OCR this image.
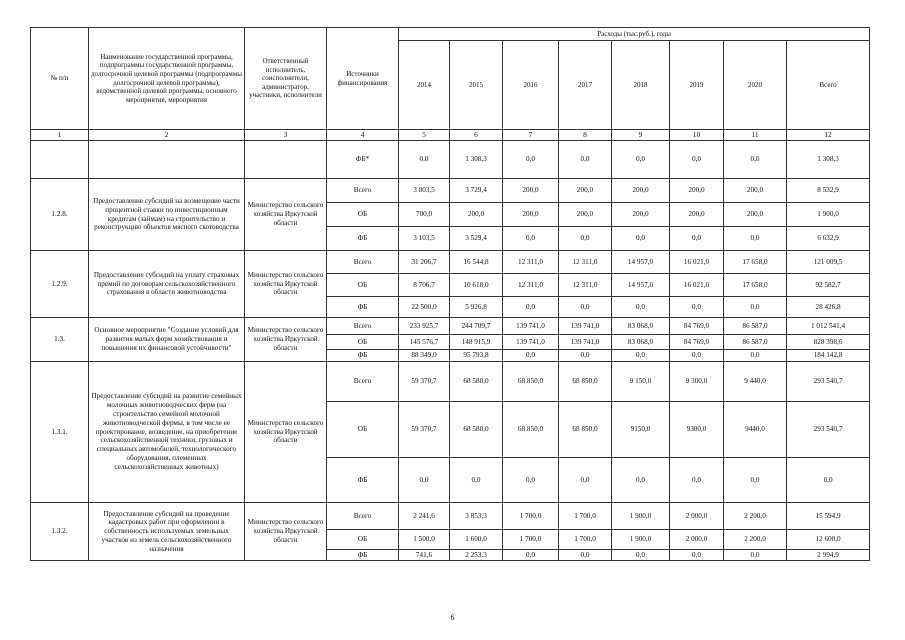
№ п/п	Наименование государственной программы, подпрограммы государственной программы, долгосрочной целевой программы (подпрограммы долгосрочной целевой программы), ведомственной целевой программы, основного мероприятия, мероприятия	Ответственный исполнитель, соисполнители, администратор, участники, исполнители	Источники финансирования	Расходы (тыс.руб.), годы							
				2014	2015	2016	2017	2018	2019	2020	Всего
1	2	3	4	5	6	7	8	9	10	11	12
			ФБ*	0,0	1 308,3	0,0	0,0	0,0	0,0	0,0	1 308,3
1.2.8.	Предоставление субсидий на возмещение части процентной ставки по инвестиционным кредитам (займам) на строительство и реконструкцию объектов мясного скотоводства	Министерство сельского хозяйства Иркутской области	Всего	3 803,5	3 729,4	200,0	200,0	200,0	200,0	200,0	8 532,9
			ОБ	700,0	200,0	200,0	200,0	200,0	200,0	200,0	1 900,0
			ФБ	3 103,5	3 529,4	0,0	0,0	0,0	0,0	0,0	6 632,9
1.2.9.	Предоставление субсидий на уплату страховых премий по договорам сельскохозяйственного страхования в области животноводства	Министерство сельского хозяйства Иркутской области	Всего	31 206,7	16 544,8	12 311,0	12 311,0	14 957,0	16 021,0	17 658,0	121 009,5
			ОБ	8 706,7	10 618,0	12 311,0	12 311,0	14 957,0	16 021,0	17 658,0	92 582,7
			ФБ	22 500,0	5 926,8	0,0	0,0	0,0	0,0	0,0	28 426,8
1.3.	Основное мероприятие "Создание условий для развития малых форм хозяйствования и повышения их финансовой устойчивости"	Министерство сельского хозяйства Иркутской области	Всего	233 925,7	244 709,7	139 741,0	139 741,0	83 068,0	84 769,0	86 587,0	1 012 541,4
			ОБ	145 576,7	148 915,9	139 741,0	139 741,0	83 068,0	84 769,0	86 587,0	828 398,6
			ФБ	88 349,0	95 793,8	0,0	0,0	0,0	0,0	0,0	184 142,8
1.3.1.	Предоставление субсидий на развитие семейных молочных животноводческих ферм (на строительство семейной молочной животноводческой фермы, в том числе ее проектирование, возведение, на приобретение сельскохозяйственной техники, грузовых и специальных автомобилей, технологического оборудования, племенных сельскохозяйственных животных)	Министерство сельского хозяйства Иркутской области	Всего	59 370,7	68 580,0	68 850,0	68 850,0	9 150,0	9 300,0	9 440,0	293 540,7
			ОБ	59 370,7	68 580,0	68 850,0	68 850,0	9150,0	9300,0	9440,0	293 540,7
			ФБ	0,0	0,0	0,0	0,0	0,0	0,0	0,0	0,0
1.3.2.	Предоставление субсидий на проведение кадастровых работ при оформлении в собственность используемых земельных участков из земель сельскохозяйственного назначения	Министерство сельского хозяйства Иркутской области	Всего	2 241,6	3 853,3	1 700,0	1 700,0	1 900,0	2 000,0	2 200,0	15 594,9
			ОБ	1 500,0	1 600,0	1 700,0	1 700,0	1 900,0	2 000,0	2 200,0	12 600,0
			ФБ	741,6	2 253,3	0,0	0,0	0,0	0,0	0,0	2 994,9
6
